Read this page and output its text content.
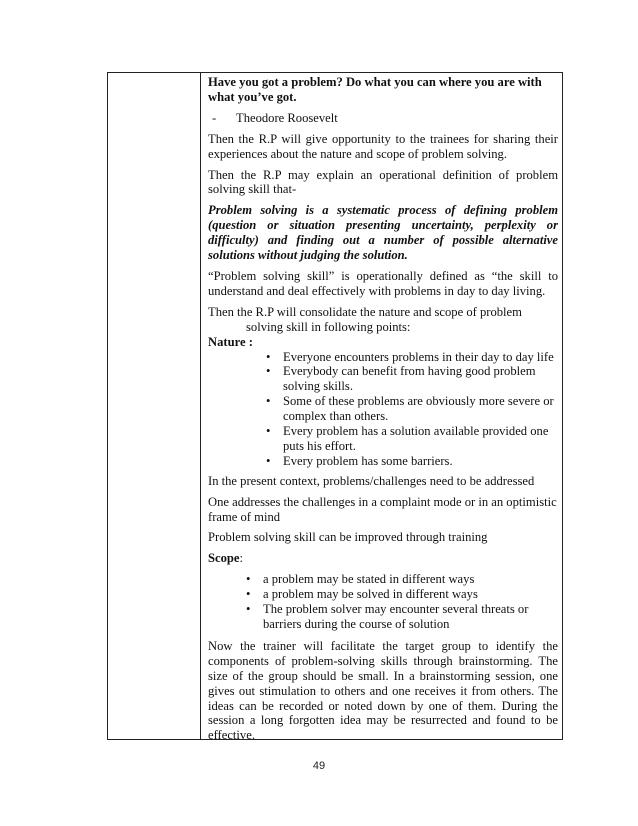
Have you got a problem? Do what you can where you are with what you’ve got.

- Theodore Roosevelt

Then the R.P will give opportunity to the trainees for sharing their experiences about the nature and scope of problem solving.

Then the R.P may explain an operational definition of problem solving skill that-

Problem solving is a systematic process of defining problem (question or situation presenting uncertainty, perplexity or difficulty) and finding out a number of possible alternative solutions without judging the solution.

“Problem solving skill” is operationally defined as “the skill to understand and deal effectively with problems in day to day living.

Then the R.P will consolidate the nature and scope of problem
solving skill in following points:

Nature :

• Everyone encounters problems in their day to day life
• Everybody can benefit from having good problem solving skills.
• Some of these problems are obviously more severe or complex than others.
• Every problem has a solution available provided one puts his effort.
• Every problem has some barriers.

In the present context, problems/challenges need to be addressed

One addresses the challenges in a complaint mode or in an optimistic frame of mind

Problem solving skill can be improved through training

Scope:

• a problem may be stated in different ways
• a problem may be solved in different ways
• The problem solver may encounter several threats or barriers during the course of solution

Now the trainer will facilitate the target group to identify the components of problem-solving skills through brainstorming. The size of the group should be small. In a brainstorming session, one gives out stimulation to others and one receives it from others. The ideas can be recorded or noted down by one of them. During the session a long forgotten idea may be resurrected and found to be effective.

49
